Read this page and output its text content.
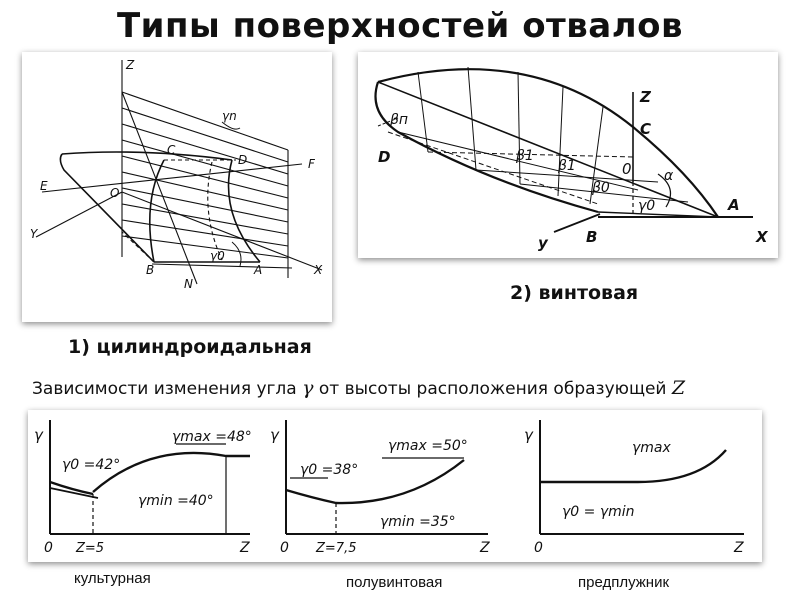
Типы поверхностей отвалов
Z
γn
C
D	F
E	O
Y
B
N
γ0
A	X
1) цилиндроидальная
βп
D
Z
C
β1
β1
β0
0 α
γ0	A
X
y	B
2) винтовая
Зависимости изменения угла γ от высоты расположения образующей Z
γ
Z
0 Z=5
γ0 =42°
γmin =40°
γmax =48° γ
Z
0 Z=7,5
γ0 =38°
γmin =35°
γmax =50°
γ
Z
0
γmax
γ0 = γmin
культурная	полувинтовая	предплужник
